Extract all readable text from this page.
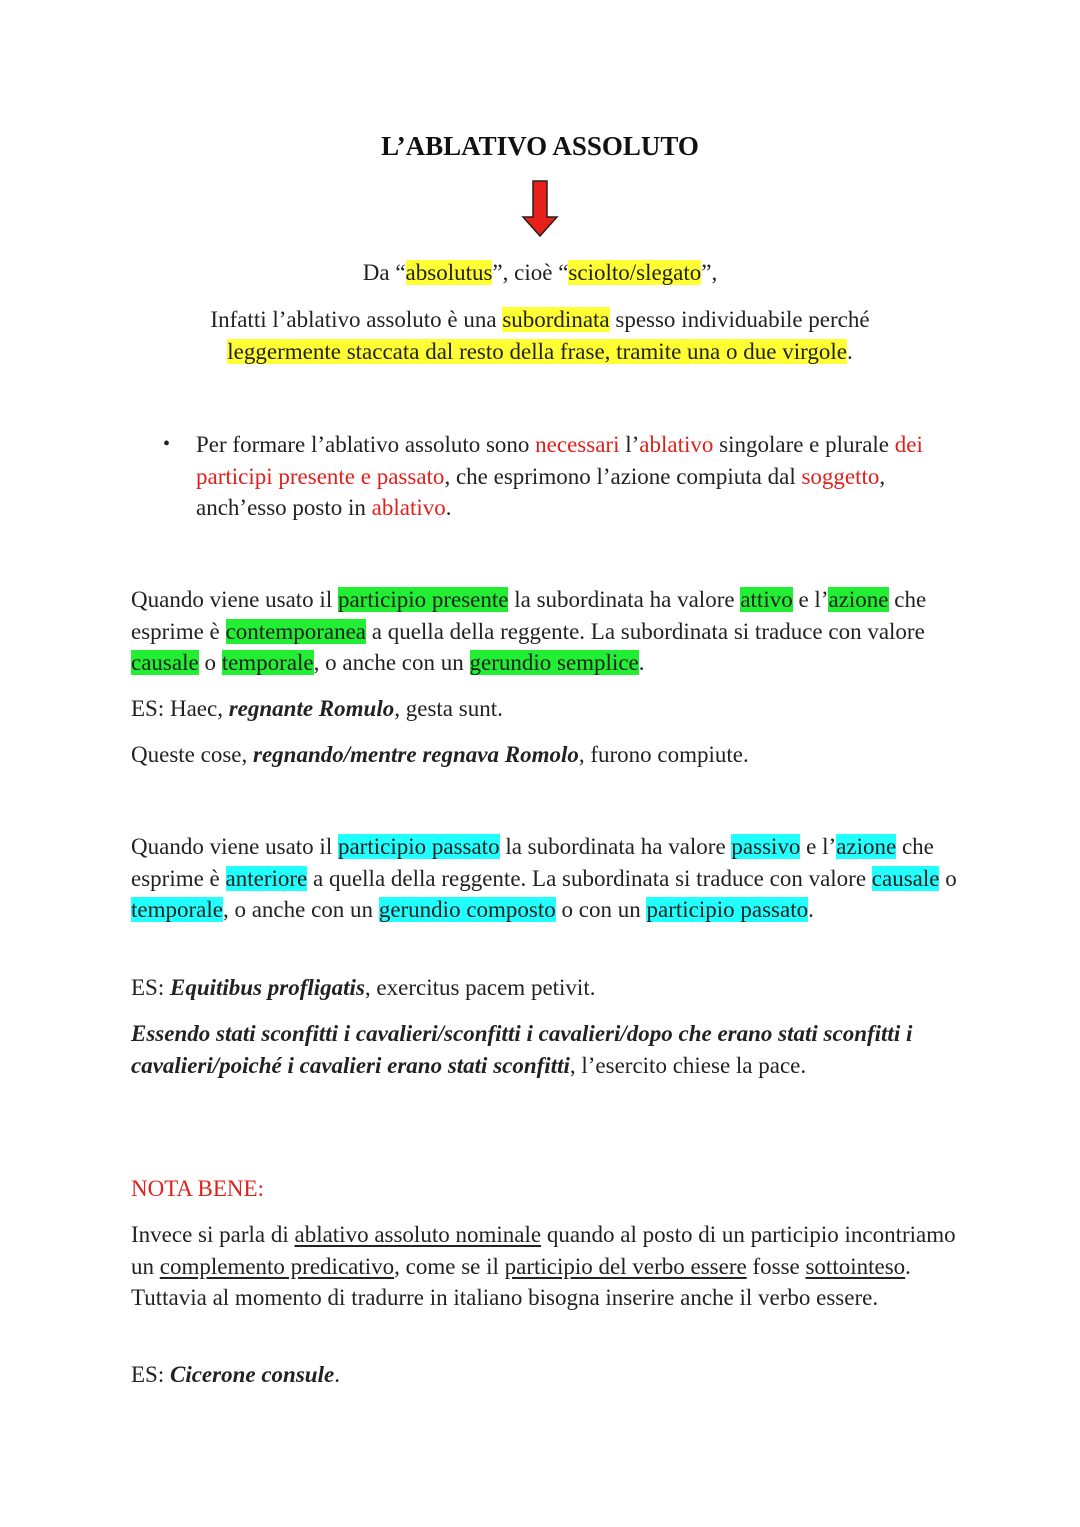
L’ABLATIVO ASSOLUTO
Da “absolutus”, cioè “sciolto/slegato”,
Infatti l’ablativo assoluto è una subordinata spesso individuabile perché
leggermente staccata dal resto della frase, tramite una o due virgole.
• Per formare l’ablativo assoluto sono necessari l’ablativo singolare e plurale dei participi presente e passato, che esprimono l’azione compiuta dal soggetto, anch’esso posto in ablativo.
Quando viene usato il participio presente la subordinata ha valore attivo e l’azione che esprime è contemporanea a quella della reggente. La subordinata si traduce con valore causale o temporale, o anche con un gerundio semplice.
ES: Haec, regnante Romulo, gesta sunt.
Queste cose, regnando/mentre regnava Romolo, furono compiute.
Quando viene usato il participio passato la subordinata ha valore passivo e l’azione che esprime è anteriore a quella della reggente. La subordinata si traduce con valore causale o temporale, o anche con un gerundio composto o con un participio passato.
ES: Equitibus profligatis, exercitus pacem petivit.
Essendo stati sconfitti i cavalieri/sconfitti i cavalieri/dopo che erano stati sconfitti i cavalieri/poiché i cavalieri erano stati sconfitti, l’esercito chiese la pace.
NOTA BENE:
Invece si parla di ablativo assoluto nominale quando al posto di un participio incontriamo un complemento predicativo, come se il participio del verbo essere fosse sottointeso. Tuttavia al momento di tradurre in italiano bisogna inserire anche il verbo essere.
ES: Cicerone consule.
